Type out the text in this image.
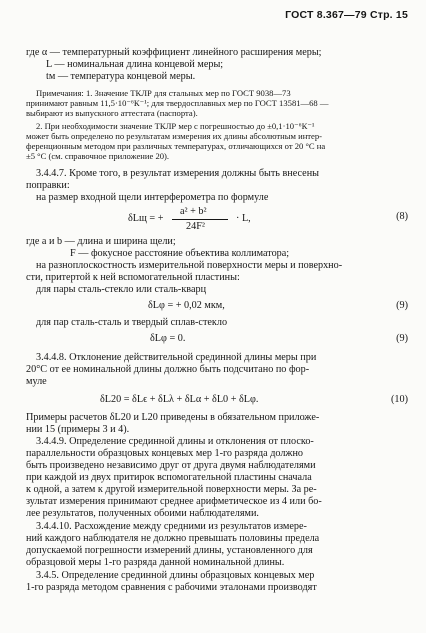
ГОСТ 8.367—79 Стр. 15
где α — температурный коэффициент линейного расширения меры;
L — номинальная длина концевой меры;
tм — температура концевой меры.
Примечания: 1. Значение ТКЛР для стальных мер по ГОСТ 9038—73
принимают равным 11,5·10⁻⁶К⁻¹; для твердосплавных мер по ГОСТ 13581—68 —
выбирают из выпускного аттестата (паспорта).
2. При необходимости значение ТКЛР мер с погрешностью до ±0,1·10⁻⁶К⁻¹
может быть определено по результатам измерения их длины абсолютным интер-
ференционным методом при различных температурах, отличающихся от 20 °С на
±5 °С (см. справочное приложение 20).
3.4.4.7. Кроме того, в результат измерения должны быть внесены
поправки:
на размер входной щели интерферометра по формуле
δLщ = +
a² + b²
24F²
· L,	(8)
где a и b — длина и ширина щели;
F — фокусное расстояние объектива коллиматора;
на разноплоскостность измерительной поверхности меры и поверхно-
сти, притертой к ней вспомогательной пластины:
для пары сталь-стекло или сталь-кварц
δLφ = + 0,02 мкм,	(9)
для пар сталь-сталь и твердый сплав-стекло
δLφ = 0.	(9)
3.4.4.8. Отклонение действительной срединной длины меры при
20°С от ее номинальной длины должно быть подсчитано по фор-
муле
δL20 = δLϵ + δLλ + δLα + δL0 + δLφ.	(10)
Примеры расчетов δL20 и L20 приведены в обязательном приложе-
нии 15 (примеры 3 и 4).
3.4.4.9. Определение срединной длины и отклонения от плоско-
параллельности образцовых концевых мер 1-го разряда должно
быть произведено независимо друг от друга двумя наблюдателями
при каждой из двух притирок вспомогательной пластины сначала
к одной, а затем к другой измерительной поверхности меры. За ре-
зультат измерения принимают среднее арифметическое из 4 или бо-
лее результатов, полученных обоими наблюдателями.
3.4.4.10. Расхождение между средними из результатов измере-
ний каждого наблюдателя не должно превышать половины предела
допускаемой погрешности измерений длины, установленного для
образцовой меры 1-го разряда данной номинальной длины.
3.4.5. Определение срединной длины образцовых концевых мер
1-го разряда методом сравнения с рабочими эталонами производят
